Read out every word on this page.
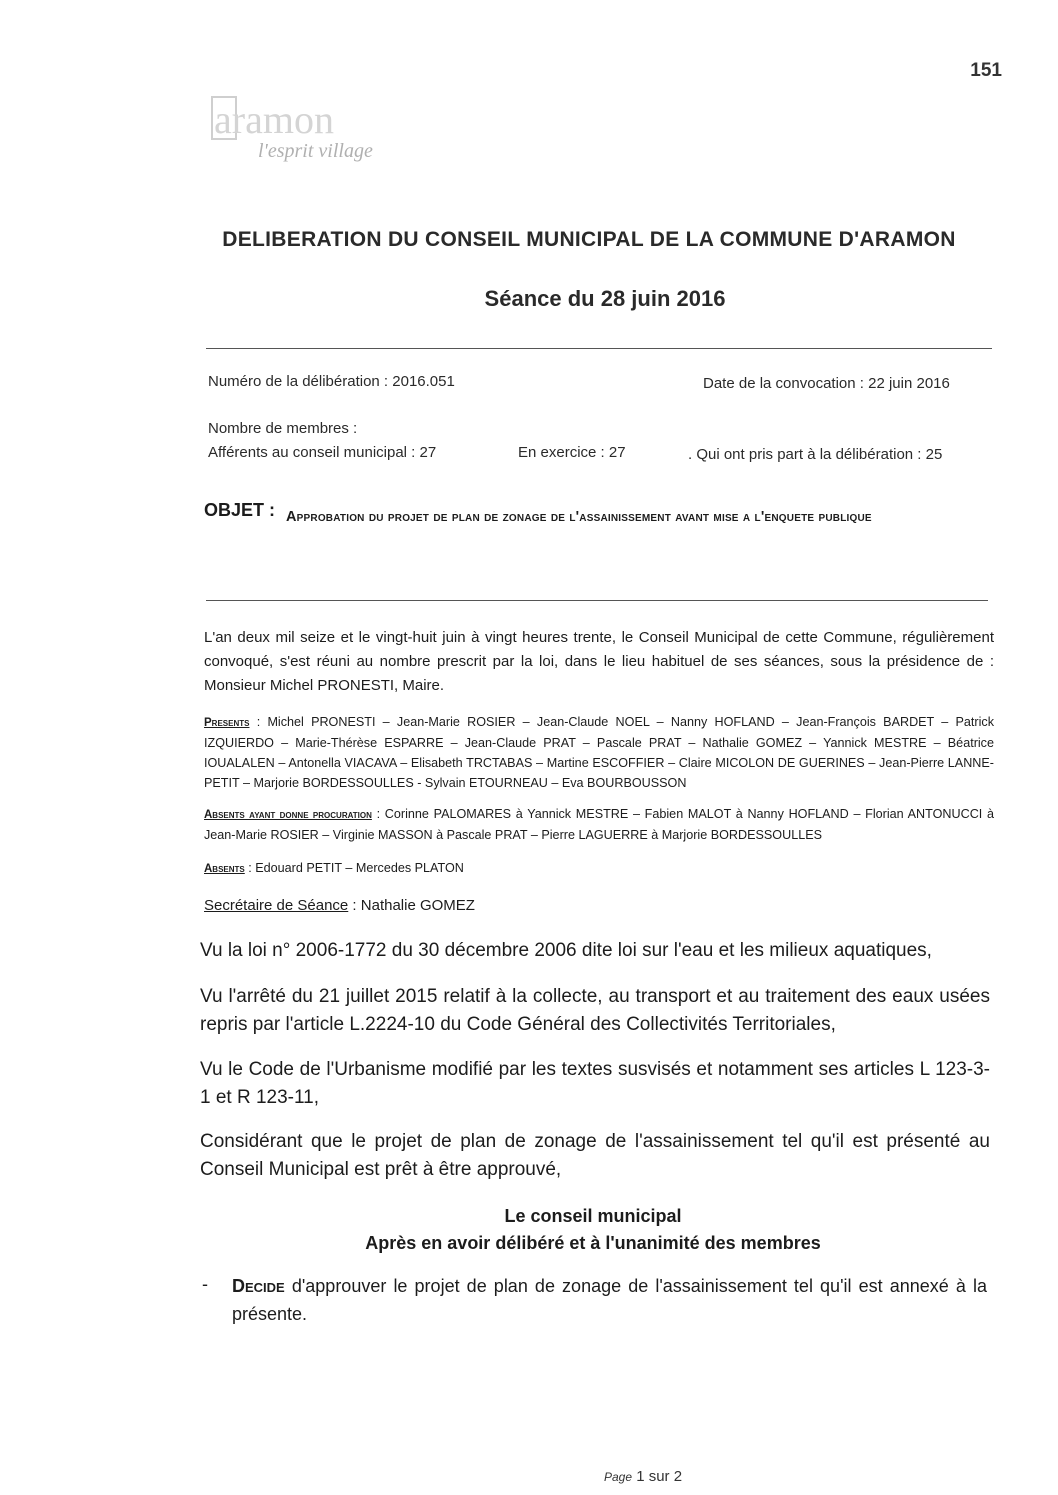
151
aramon
l'esprit village
DELIBERATION DU CONSEIL MUNICIPAL DE LA COMMUNE D'ARAMON
Séance du 28 juin 2016
Numéro de la délibération : 2016.051	Date de la convocation : 22 juin 2016
Nombre de membres :
Afférents au conseil municipal : 27	En exercice : 27	. Qui ont pris part à la délibération : 25
OBJET : Approbation du projet de plan de zonage de l'assainissement avant mise a l'enquete publique
L'an deux mil seize et le vingt-huit juin à vingt heures trente, le Conseil Municipal de cette Commune, régulièrement convoqué, s'est réuni au nombre prescrit par la loi, dans le lieu habituel de ses séances, sous la présidence de : Monsieur Michel PRONESTI, Maire.
Presents : Michel PRONESTI – Jean-Marie ROSIER – Jean-Claude NOEL – Nanny HOFLAND – Jean-François BARDET – Patrick IZQUIERDO – Marie-Thérèse ESPARRE – Jean-Claude PRAT – Pascale PRAT – Nathalie GOMEZ – Yannick MESTRE – Béatrice IOUALALEN – Antonella VIACAVA – Elisabeth TRCTABAS – Martine ESCOFFIER – Claire MICOLON DE GUERINES – Jean-Pierre LANNE-PETIT – Marjorie BORDESSOULLES - Sylvain ETOURNEAU – Eva BOURBOUSSON
Absents ayant donne procuration : Corinne PALOMARES à Yannick MESTRE – Fabien MALOT à Nanny HOFLAND – Florian ANTONUCCI à Jean-Marie ROSIER – Virginie MASSON à Pascale PRAT – Pierre LAGUERRE à Marjorie BORDESSOULLES
Absents : Edouard PETIT – Mercedes PLATON
Secrétaire de Séance : Nathalie GOMEZ
Vu la loi n° 2006-1772 du 30 décembre 2006 dite loi sur l'eau et les milieux aquatiques,
Vu l'arrêté du 21 juillet 2015 relatif à la collecte, au transport et au traitement des eaux usées repris par l'article L.2224-10 du Code Général des Collectivités Territoriales,
Vu le Code de l'Urbanisme modifié par les textes susvisés et notamment ses articles L 123-3-1 et R 123-11,
Considérant que le projet de plan de zonage de l'assainissement tel qu'il est présenté au Conseil Municipal est prêt à être approuvé,
Le conseil municipal
Après en avoir délibéré et à l'unanimité des membres
- Decide d'approuver le projet de plan de zonage de l'assainissement tel qu'il est annexé à la présente.
Page 1 sur 2
